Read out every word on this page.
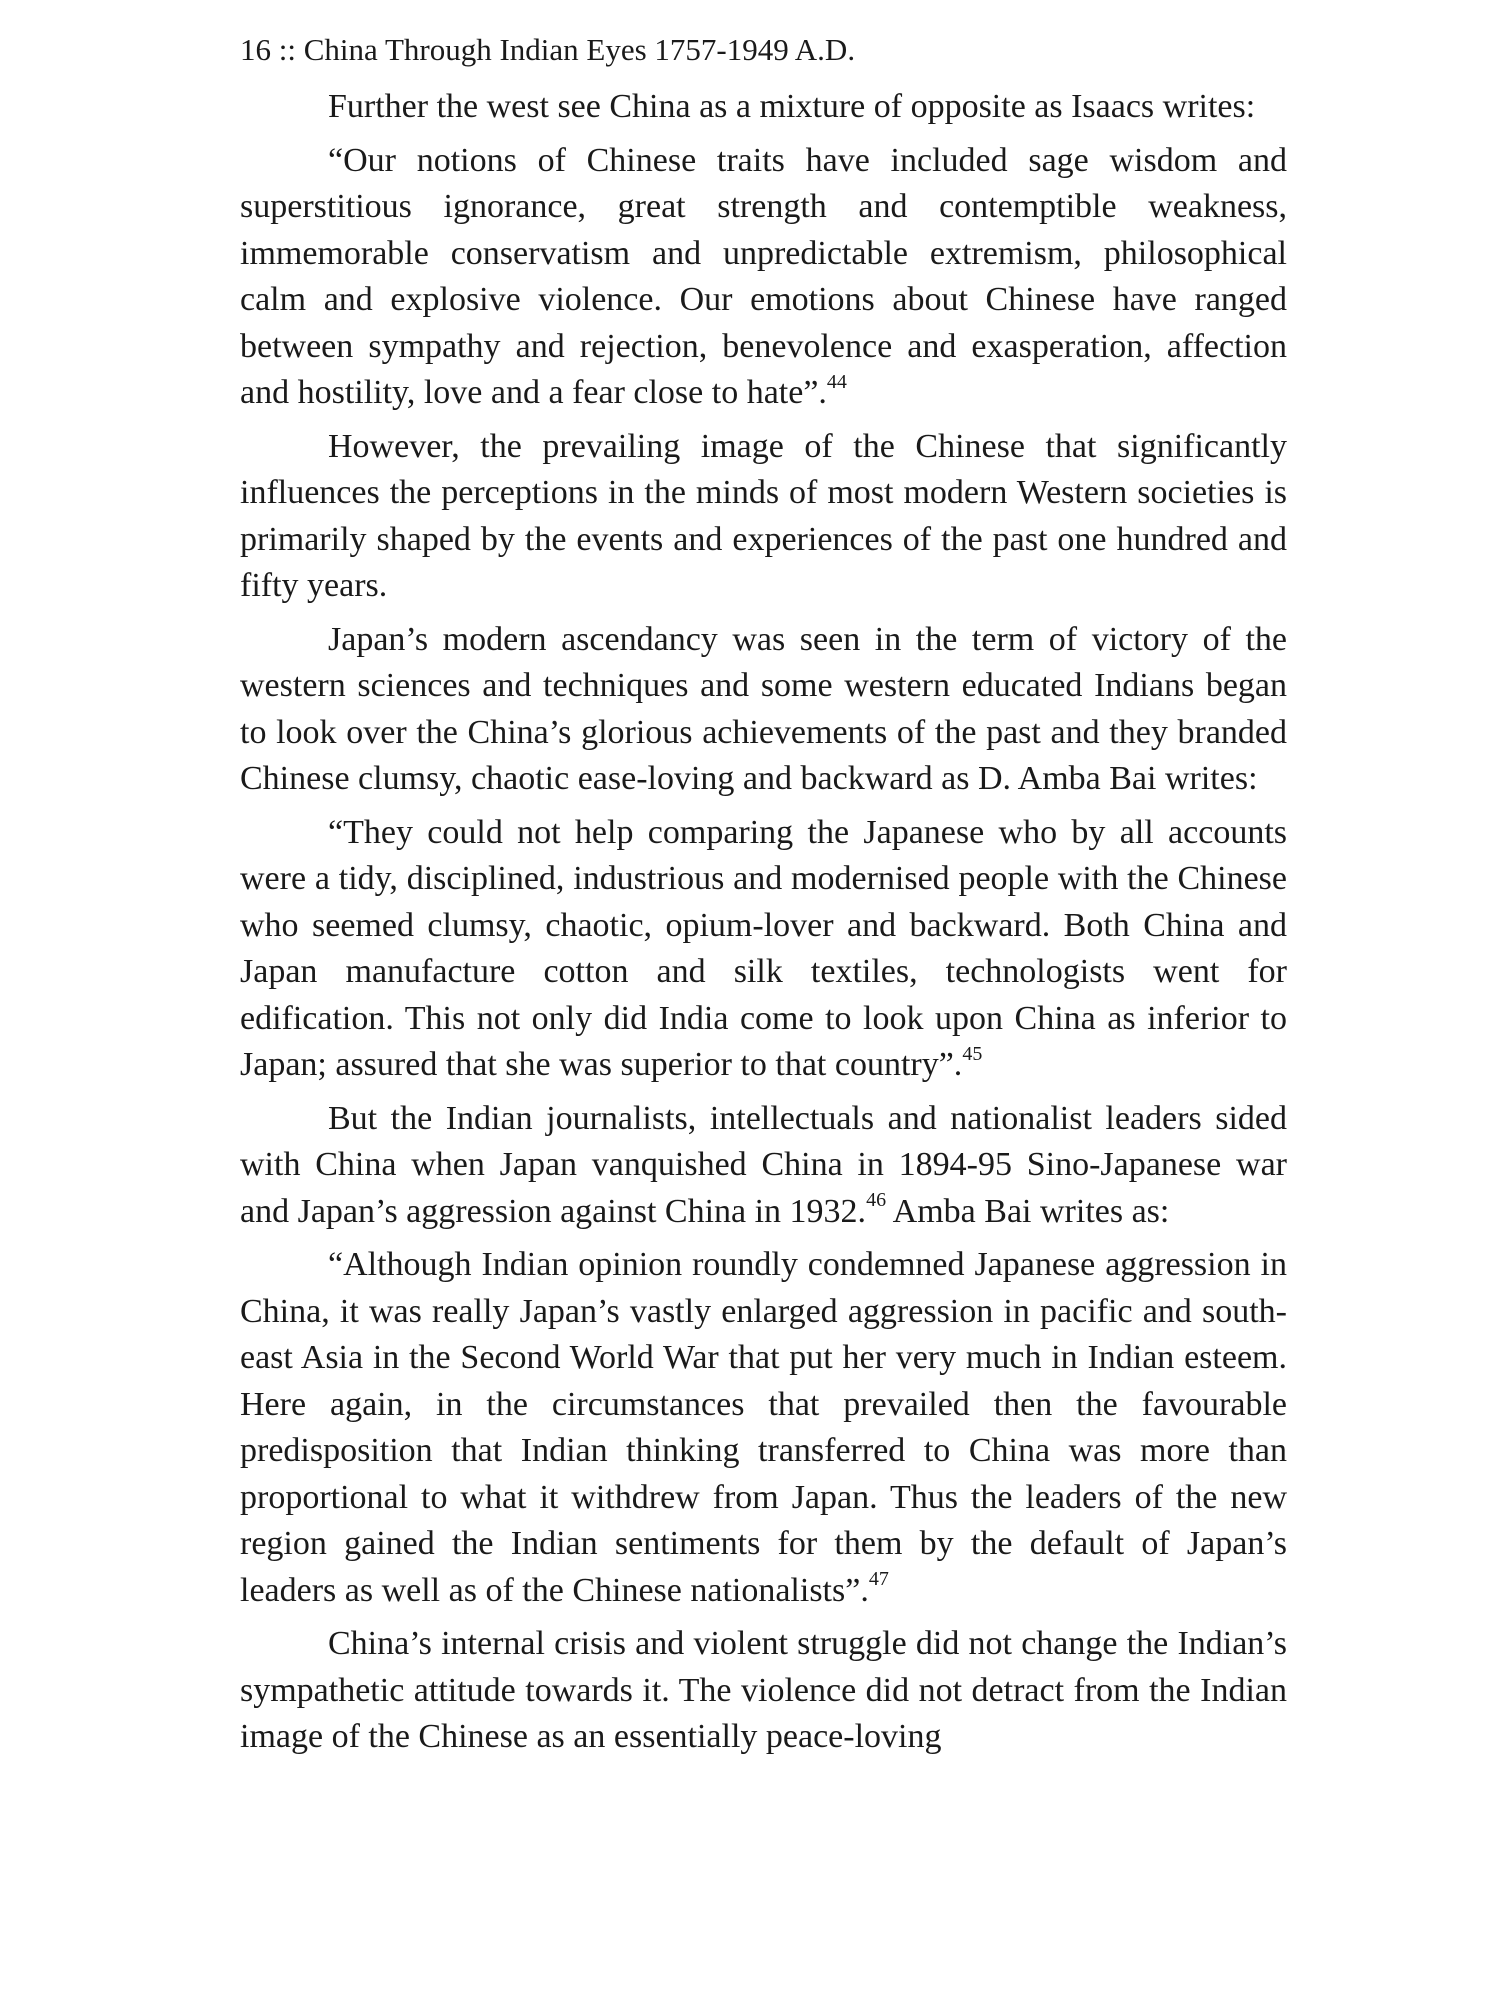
16 :: China Through Indian Eyes 1757-1949 A.D.

Further the west see China as a mixture of opposite as Isaacs writes:

“Our notions of Chinese traits have included sage wisdom and superstitious ignorance, great strength and contemptible weakness, immemorable conservatism and unpredictable extremism, philosophical calm and explosive violence. Our emotions about Chinese have ranged between sympathy and rejection, benevolence and exasperation, affection and hostility, love and a fear close to hate”.$^{44}$

However, the prevailing image of the Chinese that significantly influences the perceptions in the minds of most modern Western societies is primarily shaped by the events and experiences of the past one hundred and fifty years.

Japan’s modern ascendancy was seen in the term of victory of the western sciences and techniques and some western educated Indians began to look over the China’s glorious achievements of the past and they branded Chinese clumsy, chaotic ease-loving and backward as D. Amba Bai writes:

“They could not help comparing the Japanese who by all accounts were a tidy, disciplined, industrious and modernised people with the Chinese who seemed clumsy, chaotic, opium-lover and backward. Both China and Japan manufacture cotton and silk textiles, technologists went for edification. This not only did India come to look upon China as inferior to Japan; assured that she was superior to that country”.$^{45}$

But the Indian journalists, intellectuals and nationalist leaders sided with China when Japan vanquished China in 1894-95 Sino-Japanese war and Japan’s aggression against China in 1932.46 Amba Bai writes as:

“Although Indian opinion roundly condemned Japanese aggression in China, it was really Japan’s vastly enlarged aggression in pacific and south-east Asia in the Second World War that put her very much in Indian esteem. Here again, in the circumstances that prevailed then the favourable predisposition that Indian thinking transferred to China was more than proportional to what it withdrew from Japan. Thus the leaders of the new region gained the Indian sentiments for them by the default of Japan’s leaders as well as of the Chinese nationalists”.$^{47}$

China’s internal crisis and violent struggle did not change the Indian’s sympathetic attitude towards it. The violence did not detract from the Indian image of the Chinese as an essentially peace-loving
